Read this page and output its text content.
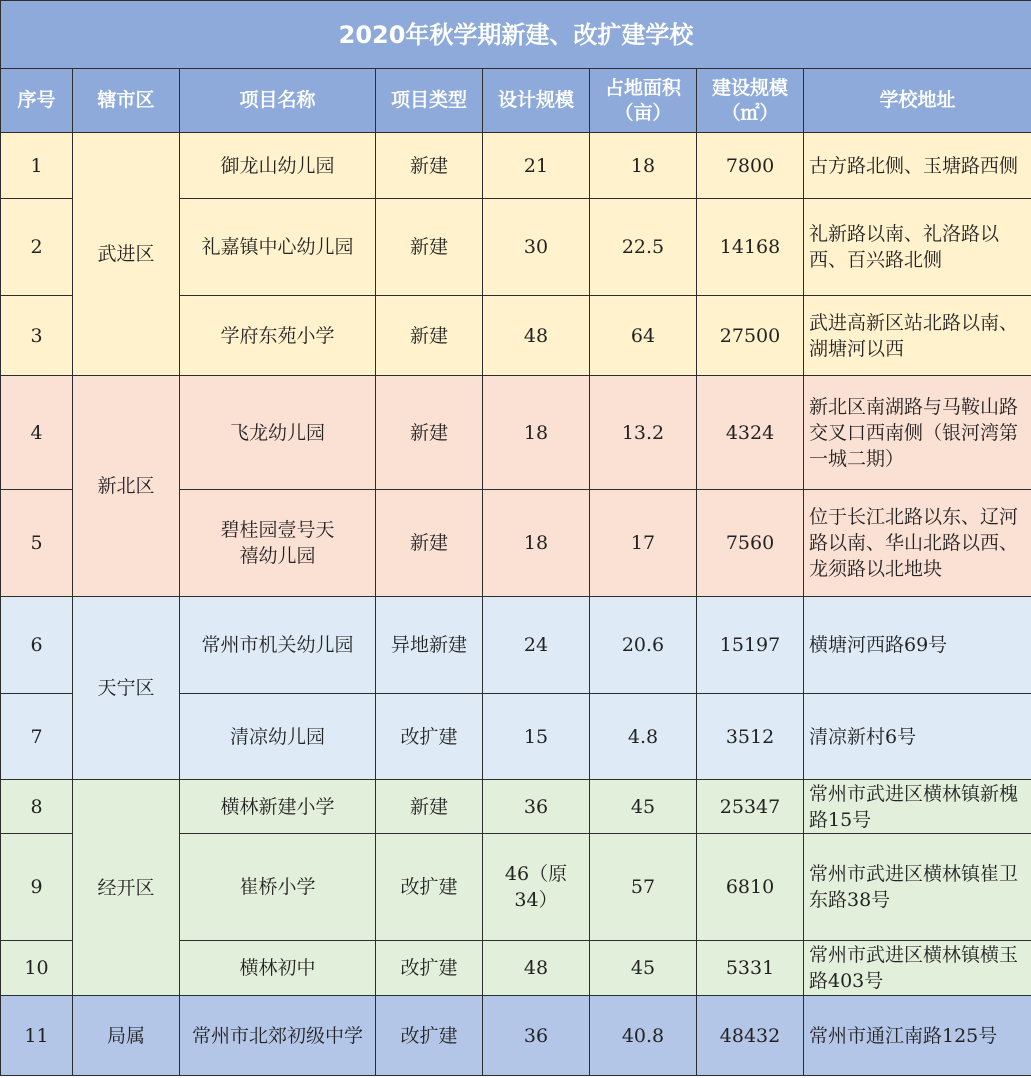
2020年秋学期新建、改扩建学校							
序号	辖市区	项目名称	项目类型	设计规模	占地面积（亩）	建设规模（㎡）	学校地址
1	武进区	御龙山幼儿园	新建	21	18	7800	古方路北侧、玉塘路西侧
2		礼嘉镇中心幼儿园	新建	30	22.5	14168	礼新路以南、礼洛路以西、百兴路北侧
3		学府东苑小学	新建	48	64	27500	武进高新区站北路以南、湖塘河以西
4	新北区	飞龙幼儿园	新建	18	13.2	4324	新北区南湖路与马鞍山路交叉口西南侧（银河湾第一城二期）
5		碧桂园壹号天禧幼儿园	新建	18	17	7560	位于长江北路以东、辽河路以南、华山北路以西、龙须路以北地块
6	天宁区	常州市机关幼儿园	异地新建	24	20.6	15197	横塘河西路69号
7		清凉幼儿园	改扩建	15	4.8	3512	清凉新村6号
8	经开区	横林新建小学	新建	36	45	25347	常州市武进区横林镇新槐路15号
9		崔桥小学	改扩建	46（原34）	57	6810	常州市武进区横林镇崔卫东路38号
10		横林初中	改扩建	48	45	5331	常州市武进区横林镇横玉路403号
11	局属	常州市北郊初级中学	改扩建	36	40.8	48432	常州市通江南路125号
